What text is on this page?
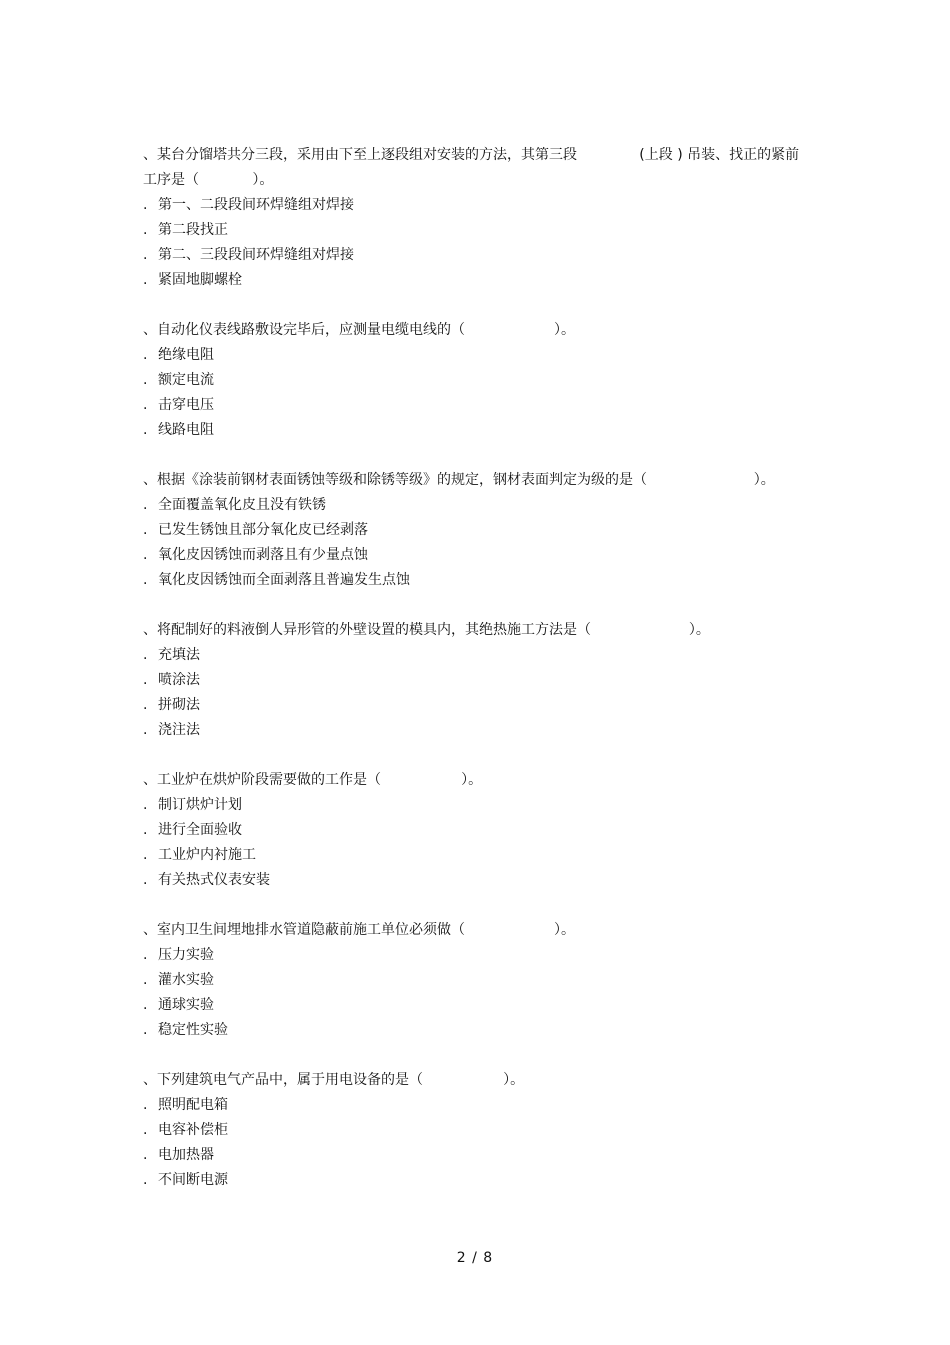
、某台分馏塔共分三段，采用由下至上逐段组对安装的方法，其第三段              (上段 ) 吊装、找正的紧前工序是（            ）。

. 第一、二段段间环焊缝组对焊接

. 第二段找正

. 第二、三段段间环焊缝组对焊接

. 紧固地脚螺栓

、自动化仪表线路敷设完毕后，应测量电缆电线的（                    ）。

. 绝缘电阻

. 额定电流

. 击穿电压

. 线路电阻

、根据《涂装前钢材表面锈蚀等级和除锈等级》的规定，钢材表面判定为级的是（                        ）。

. 全面覆盖氧化皮且没有铁锈

. 已发生锈蚀且部分氧化皮已经剥落

. 氧化皮因锈蚀而剥落且有少量点蚀

. 氧化皮因锈蚀而全面剥落且普遍发生点蚀

、将配制好的料液倒人异形管的外壁设置的模具内，其绝热施工方法是（                      ）。

. 充填法

. 喷涂法

. 拼砌法

. 浇注法

、工业炉在烘炉阶段需要做的工作是（                  ）。

. 制订烘炉计划

. 进行全面验收

. 工业炉内衬施工

. 有关热式仪表安装

、室内卫生间埋地排水管道隐蔽前施工单位必须做（                    ）。

. 压力实验

. 灌水实验

. 通球实验

. 稳定性实验

、下列建筑电气产品中，属于用电设备的是（                  ）。

. 照明配电箱

. 电容补偿柜

. 电加热器

. 不间断电源

2 / 8
